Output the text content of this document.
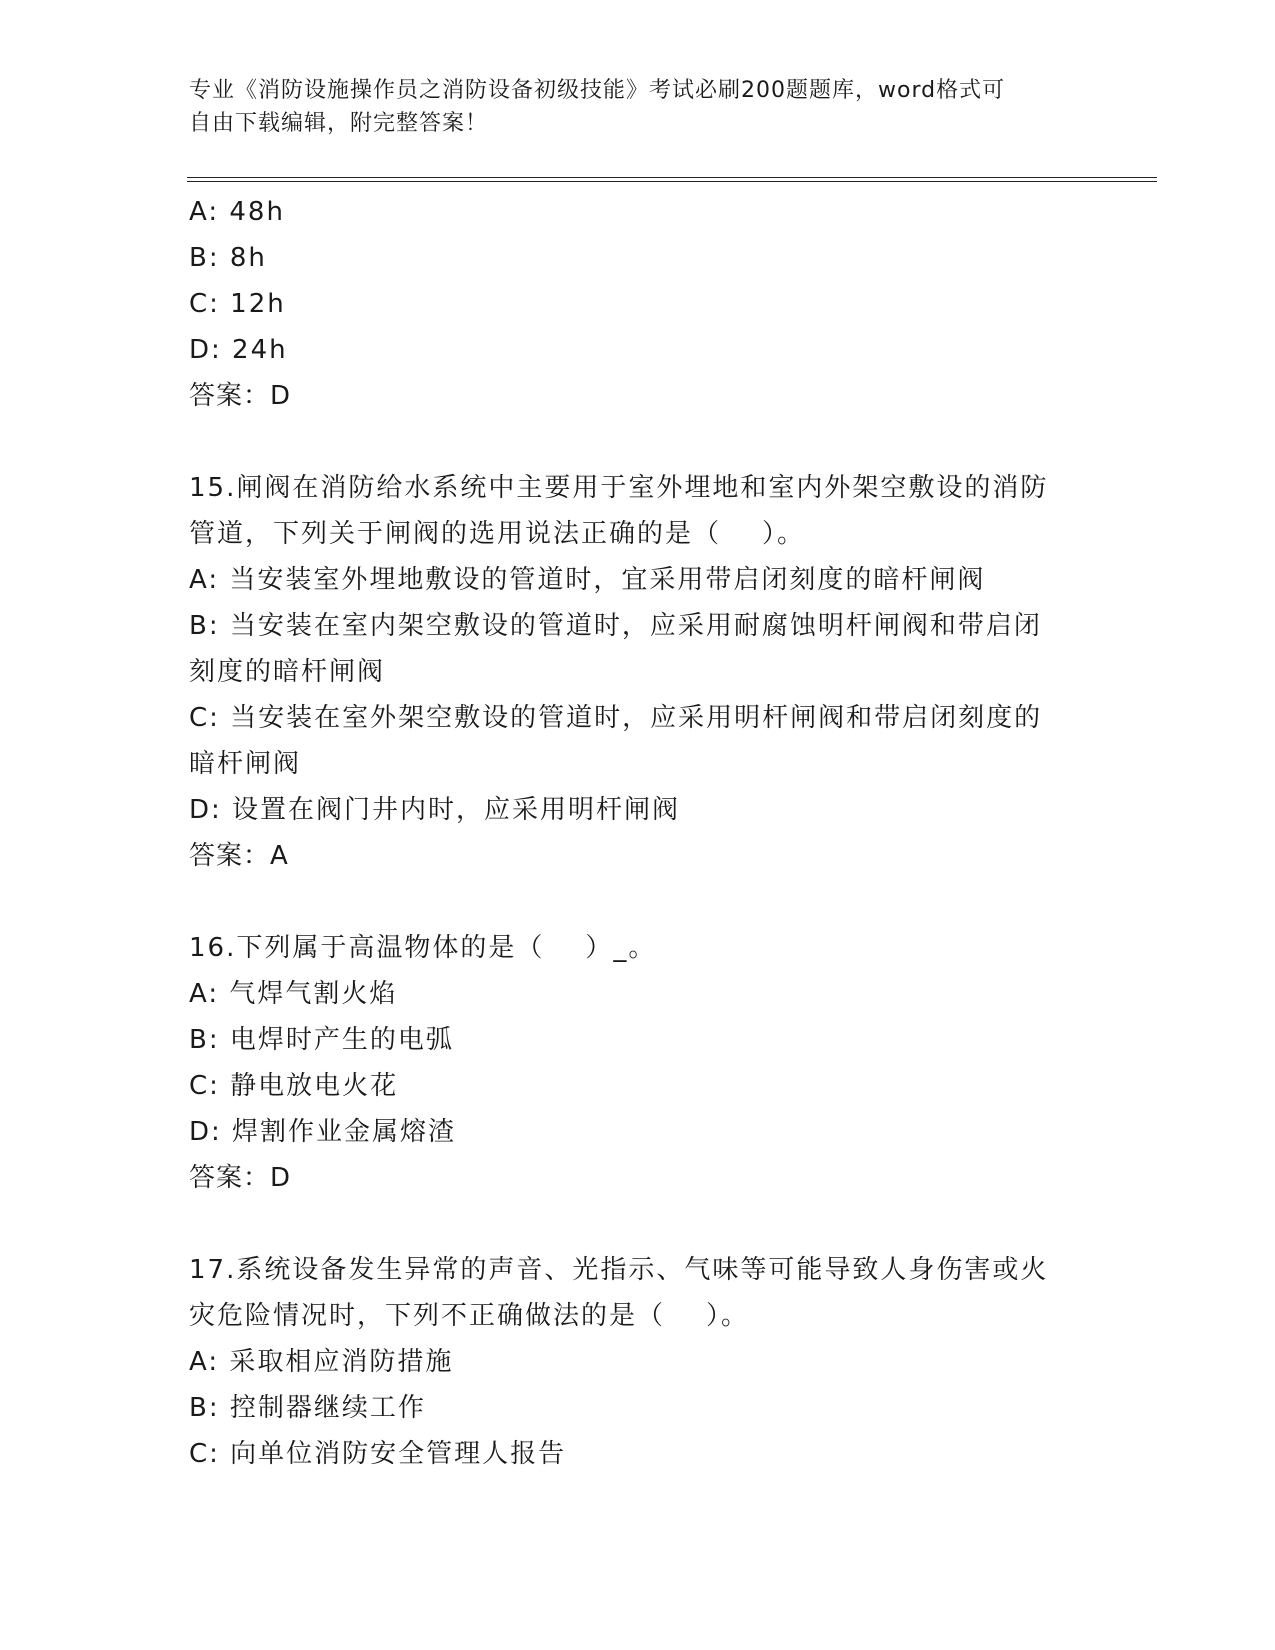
专业《消防设施操作员之消防设备初级技能》考试必刷200题题库，word格式可
自由下载编辑，附完整答案！
A: 48h
B: 8h
C: 12h
D: 24h
答案：D
15.闸阀在消防给水系统中主要用于室外埋地和室内外架空敷设的消防
管道，下列关于闸阀的选用说法正确的是（    ）。
A: 当安装室外埋地敷设的管道时，宜采用带启闭刻度的暗杆闸阀
B: 当安装在室内架空敷设的管道时，应采用耐腐蚀明杆闸阀和带启闭
刻度的暗杆闸阀
C: 当安装在室外架空敷设的管道时，应采用明杆闸阀和带启闭刻度的
暗杆闸阀
D: 设置在阀门井内时，应采用明杆闸阀
答案：A
16.下列属于高温物体的是（    ）_。
A: 气焊气割火焰
B: 电焊时产生的电弧
C: 静电放电火花
D: 焊割作业金属熔渣
答案：D
17.系统设备发生异常的声音、光指示、气味等可能导致人身伤害或火
灾危险情况时，下列不正确做法的是（    ）。
A: 采取相应消防措施
B: 控制器继续工作
C: 向单位消防安全管理人报告
